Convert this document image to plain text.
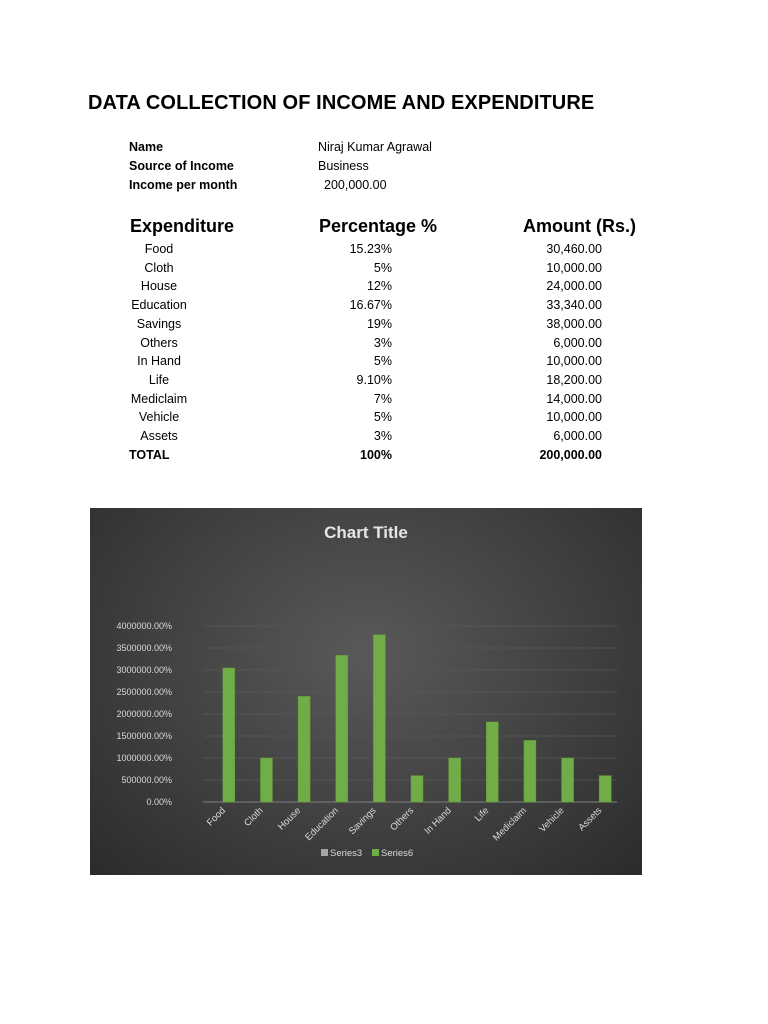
DATA COLLECTION OF INCOME AND EXPENDITURE
Name	Niraj Kumar Agrawal
Source of Income	Business
Income per month	200,000.00
Expenditure	Percentage %	Amount (Rs.)
Food	15.23%	30,460.00
Cloth	5%	10,000.00
House	12%	24,000.00
Education	16.67%	33,340.00
Savings	19%	38,000.00
Others	3%	6,000.00
In Hand	5%	10,000.00
Life	9.10%	18,200.00
Mediclaim	7%	14,000.00
Vehicle	5%	10,000.00
Assets	3%	6,000.00
TOTAL	100%	200,000.00
Chart Title
0.00%
500000.00%
1000000.00%
1500000.00%
2000000.00%
2500000.00%
3000000.00%
3500000.00%
4000000.00%
Food Cloth House Education Savings Others In Hand Life Mediclaim Vehicle Assets
Series3 Series6
